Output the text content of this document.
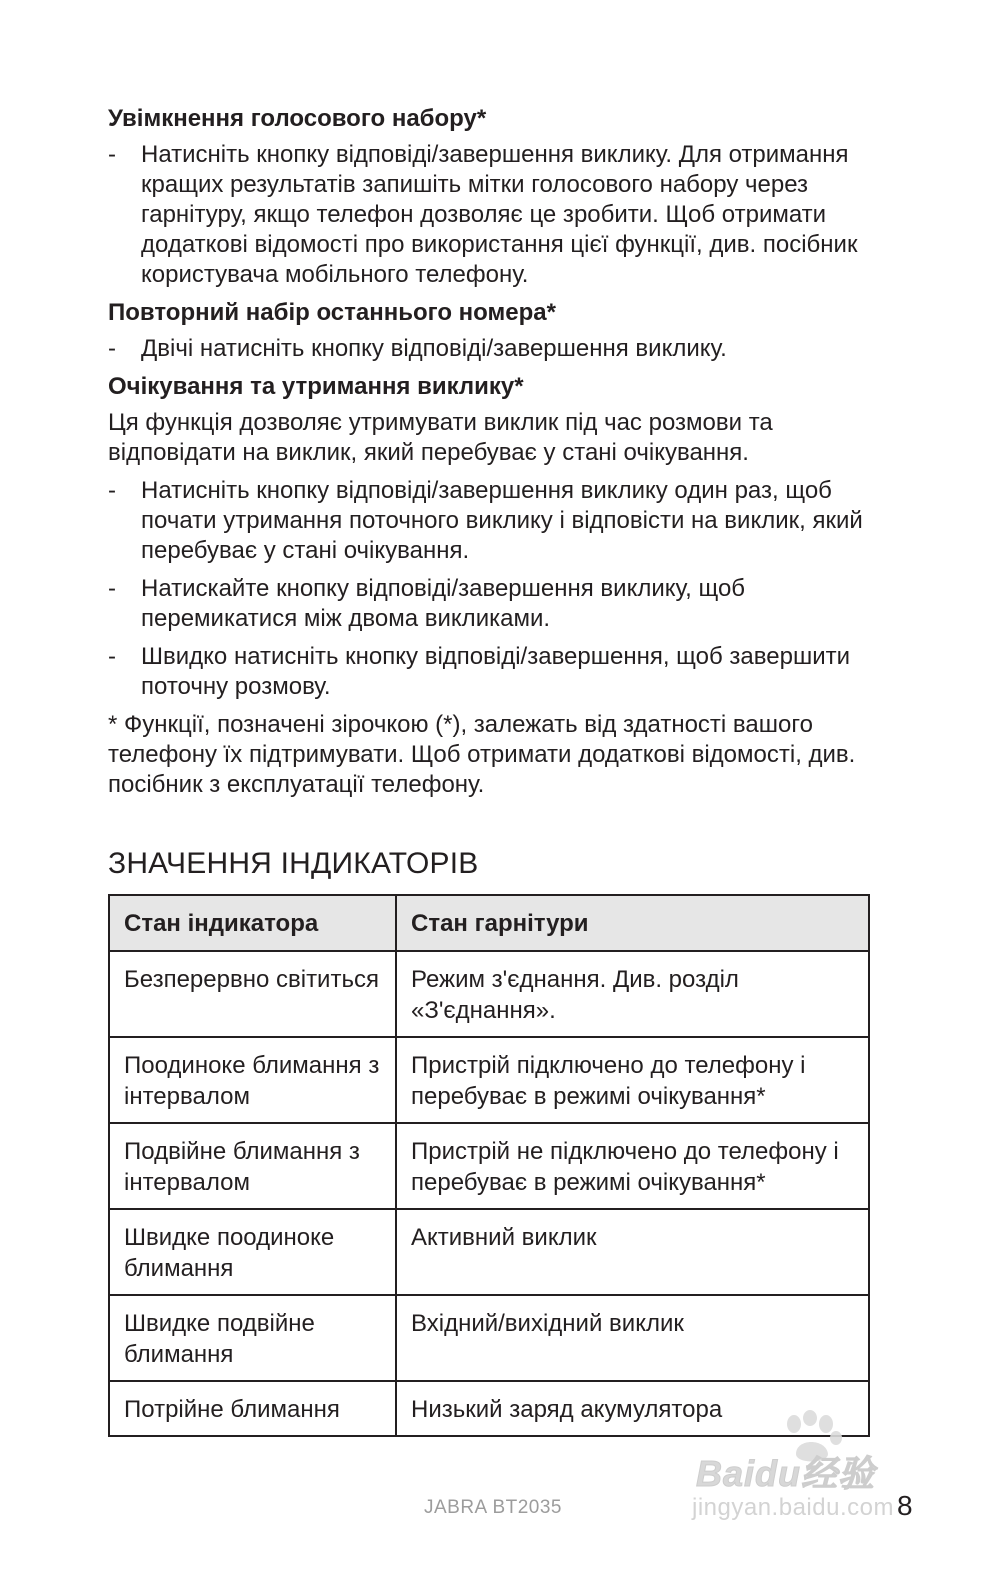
Увімкнення голосового набору*
- Натисніть кнопку відповіді/завершення виклику. Для отримання кращих результатів запишіть мітки голосового набору через гарнітуру, якщо телефон дозволяє це зробити. Щоб отримати додаткові відомості про використання цієї функції, див. посібник користувача мобільного телефону.
Повторний набір останнього номера*
- Двічі натисніть кнопку відповіді/завершення виклику.
Очікування та утримання виклику*

Ця функція дозволяє утримувати виклик під час розмови та відповідати на виклик, який перебуває у стані очікування.

- Натисніть кнопку відповіді/завершення виклику один раз, щоб почати утримання поточного виклику і відповісти на виклик, який перебуває у стані очікування.
- Натискайте кнопку відповіді/завершення виклику, щоб перемикатися між двома викликами.
- Швидко натисніть кнопку відповіді/завершення, щоб завершити поточну розмову.

* Функції, позначені зірочкою (*), залежать від здатності вашого телефону їх підтримувати. Щоб отримати додаткові відомості, див. посібник з експлуатації телефону.

ЗНАЧЕННЯ ІНДИКАТОРІВ
Стан індикатора	Стан гарнітури
Безперервно світиться	Режим з'єднання. Див. розділ «З'єднання».
Поодиноке блимання з інтервалом	Пристрій підключено до телефону і перебуває в режимі очікування*
Подвійне блимання з інтервалом	Пристрій не підключено до телефону і перебуває в режимі очікування*
Швидке поодиноке блимання	Активний виклик
Швидке подвійне блимання	Вхідний/вихідний виклик
Потрійне блимання	Низький заряд акумулятора
Baidu经验
jingyan.baidu.com
JABRA BT2035	8
